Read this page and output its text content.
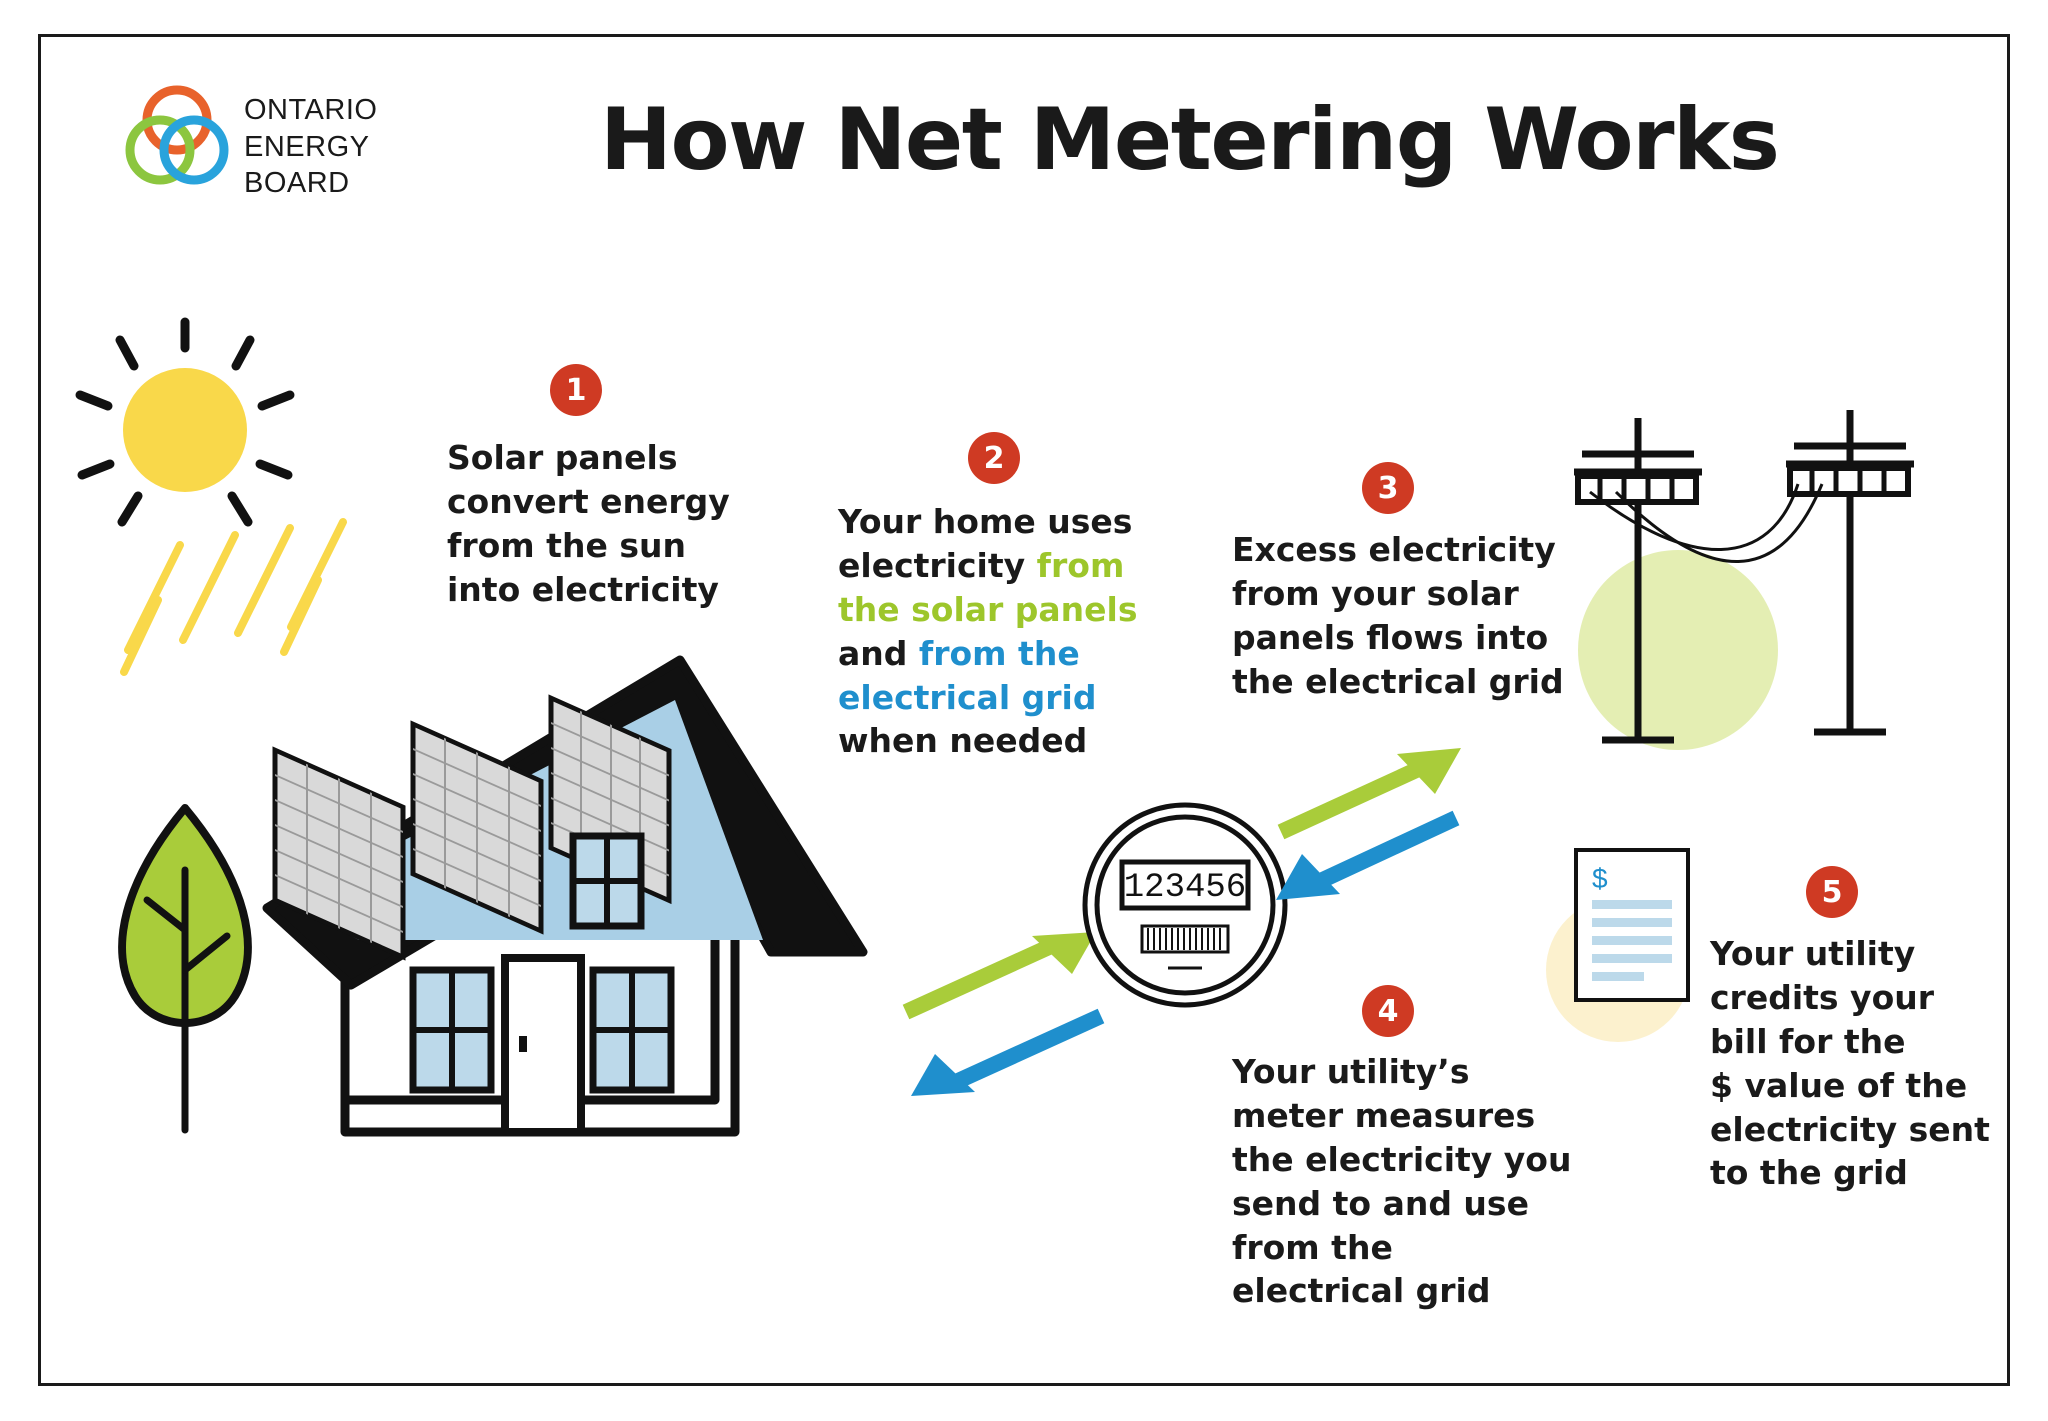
ONTARIO
ENERGY
BOARD	How Net Metering Works
123456	$
1
Solar panels
convert energy
from the sun
into electricity
2
Your home uses
electricity from
the solar panels
and from the
electrical grid
when needed
3
Excess electricity
from your solar
panels flows into
the electrical grid
4
Your utility’s
meter measures
the electricity you
send to and use
from the
electrical grid
5
Your utility
credits your
bill for the
$ value of the
electricity sent
to the grid
